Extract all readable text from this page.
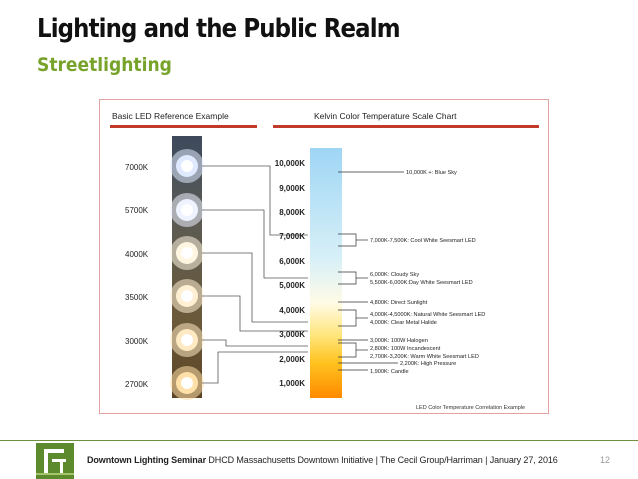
Lighting and the Public Realm
Streetlighting
Basic LED Reference Example	Kelvin Color Temperature Scale Chart
7000K
5700K
4000K
3500K
3000K
2700K
10,000K
9,000K
8,000K
7,000K
6,000K
5,000K
4,000K
3,000K
2,000K
1,000K
10,000K +: Blue Sky
7,000K-7,500K: Cool White Seesmart LED
6,000K: Cloudy Sky
5,500K-6,000K:Day White Seesmart LED
4,800K: Direct Sunlight
4,000K-4,5000K: Natural White Seesmart LED
4,000K: Clear Metal Halide
3,000K: 100W Halogen
2,800K: 100W Incandescent
2,700K-3,200K: Warm White Seesmart LED
2,200K: High Pressure
1,900K: Candle
LED Color Temperature Correlation Example
Downtown Lighting Seminar DHCD Massachusetts Downtown Initiative | The Cecil Group/Harriman | January 27, 2016	12
